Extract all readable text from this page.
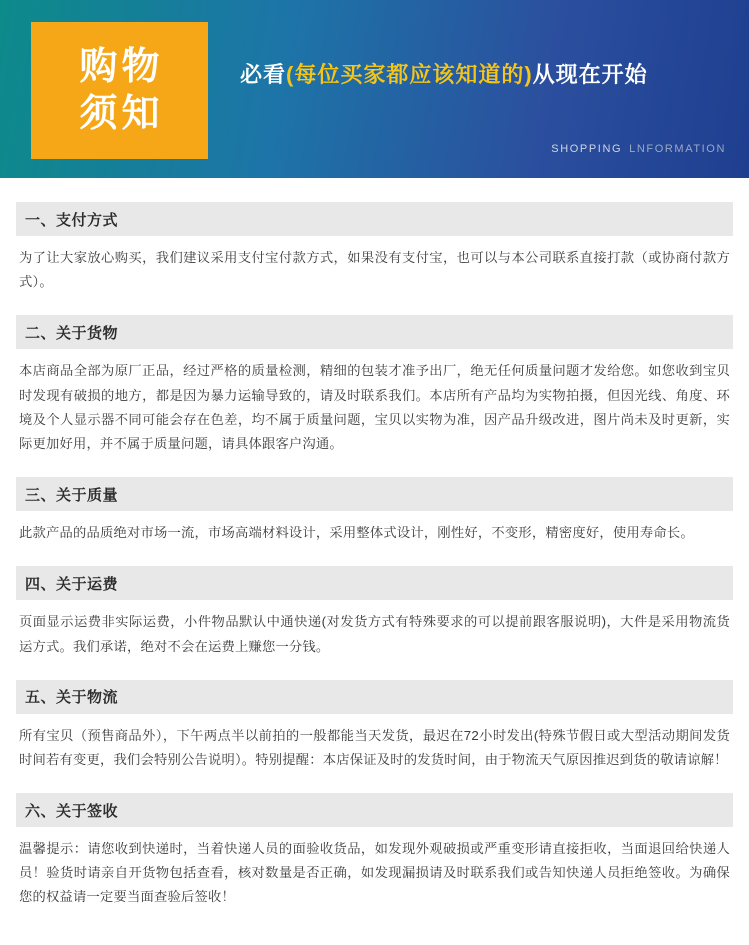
购物
须知
必看(每位买家都应该知道的)从现在开始
SHOPPING LNFORMATION
一、支付方式
为了让大家放心购买，我们建议采用支付宝付款方式，如果没有支付宝，也可以与本公司联系直接打款（或协商付款方式）。
二、关于货物
本店商品全部为原厂正品，经过严格的质量检测，精细的包装才准予出厂，绝无任何质量问题才发给您。如您收到宝贝时发现有破损的地方，都是因为暴力运输导致的，请及时联系我们。本店所有产品均为实物拍摄，但因光线、角度、环境及个人显示器不同可能会存在色差，均不属于质量问题，宝贝以实物为准，因产品升级改进，图片尚未及时更新，实际更加好用，并不属于质量问题，请具体跟客户沟通。
三、关于质量
此款产品的品质绝对市场一流，市场高端材料设计，采用整体式设计，刚性好，不变形，精密度好，使用寿命长。
四、关于运费
页面显示运费非实际运费，小件物品默认中通快递(对发货方式有特殊要求的可以提前跟客服说明)，大件是采用物流货运方式。我们承诺，绝对不会在运费上赚您一分钱。
五、关于物流
所有宝贝（预售商品外），下午两点半以前拍的一般都能当天发货，最迟在72小时发出(特殊节假日或大型活动期间发货时间若有变更，我们会特别公告说明）。特别提醒：本店保证及时的发货时间，由于物流天气原因推迟到货的敬请谅解！
六、关于签收
温馨提示：请您收到快递时，当着快递人员的面验收货品，如发现外观破损或严重变形请直接拒收，当面退回给快递人员！验货时请亲自开货物包括查看，核对数量是否正确，如发现漏损请及时联系我们或告知快递人员拒绝签收。为确保您的权益请一定要当面查验后签收！
